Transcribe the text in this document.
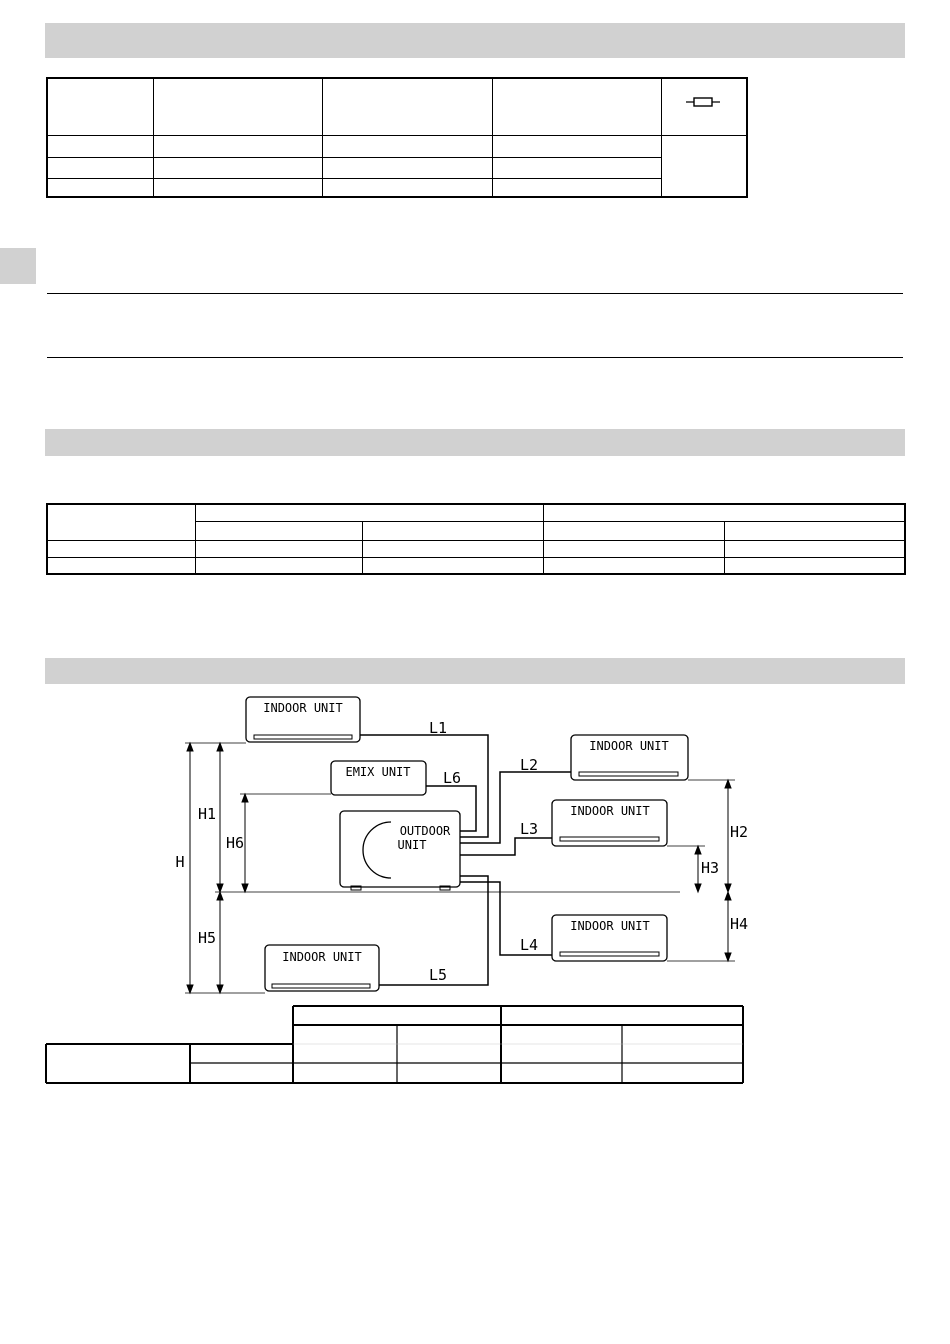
INDOOR UNIT
INDOOR UNIT
EMIX UNIT
INDOOR UNIT
OUTDOOR
UNIT
INDOOR UNIT
INDOOR UNIT
L1
L2
L3
L4
L5
L6
H
H1
H2
H3
H4
H5
H6
